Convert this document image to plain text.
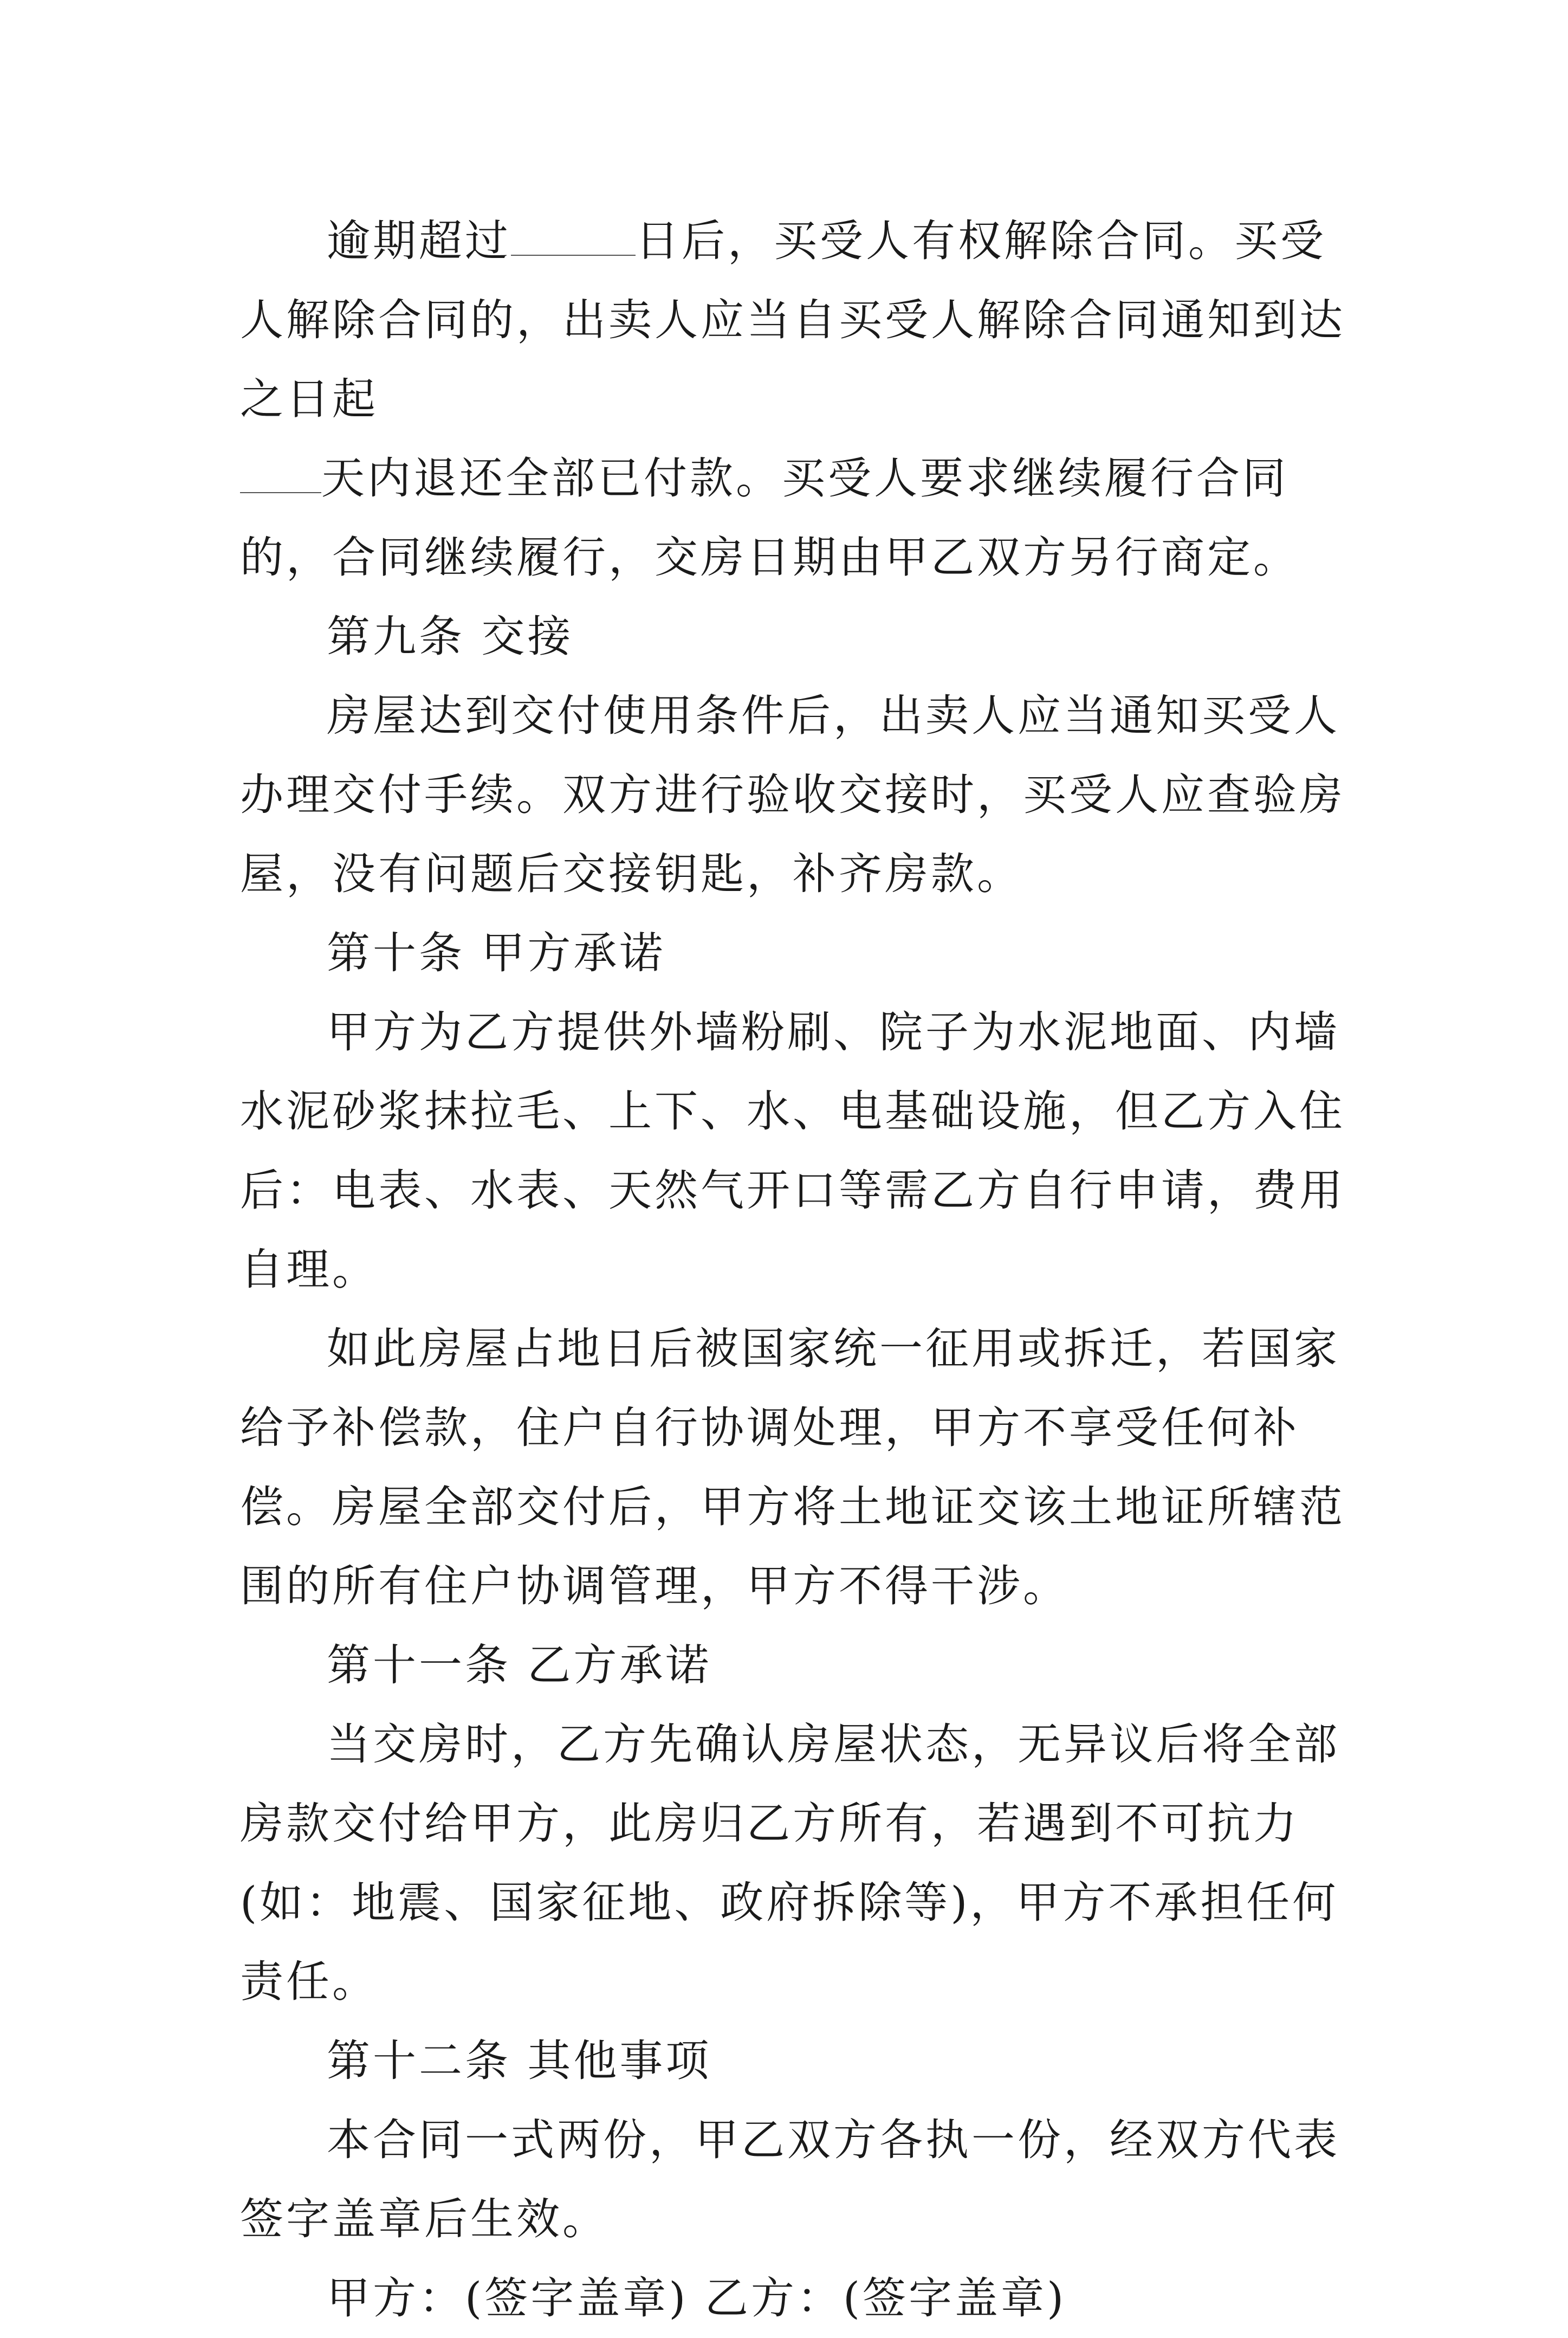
逾期超过	日后，买受人有权解除合同。买受人解除合同的，出卖人应当自买受人解除合同通知到达之日起
天内退还全部已付款。买受人要求继续履行合同的，合同继续履行，交房日期由甲乙双方另行商定。

第九条 交接

房屋达到交付使用条件后，出卖人应当通知买受人办理交付手续。双方进行验收交接时，买受人应查验房屋，没有问题后交接钥匙，补齐房款。

第十条 甲方承诺

甲方为乙方提供外墙粉刷、院子为水泥地面、内墙水泥砂浆抹拉毛、上下、水、电基础设施，但乙方入住后：电表、水表、天然气开口等需乙方自行申请，费用自理。

如此房屋占地日后被国家统一征用或拆迁，若国家给予补偿款，住户自行协调处理，甲方不享受任何补偿。房屋全部交付后，甲方将土地证交该土地证所辖范围的所有住户协调管理，甲方不得干涉。

第十一条 乙方承诺

当交房时，乙方先确认房屋状态，无异议后将全部房款交付给甲方，此房归乙方所有，若遇到不可抗力(如：地震、国家征地、政府拆除等)，甲方不承担任何责任。

第十二条 其他事项

本合同一式两份，甲乙双方各执一份，经双方代表签字盖章后生效。

甲方：(签字盖章) 乙方：(签字盖章)
